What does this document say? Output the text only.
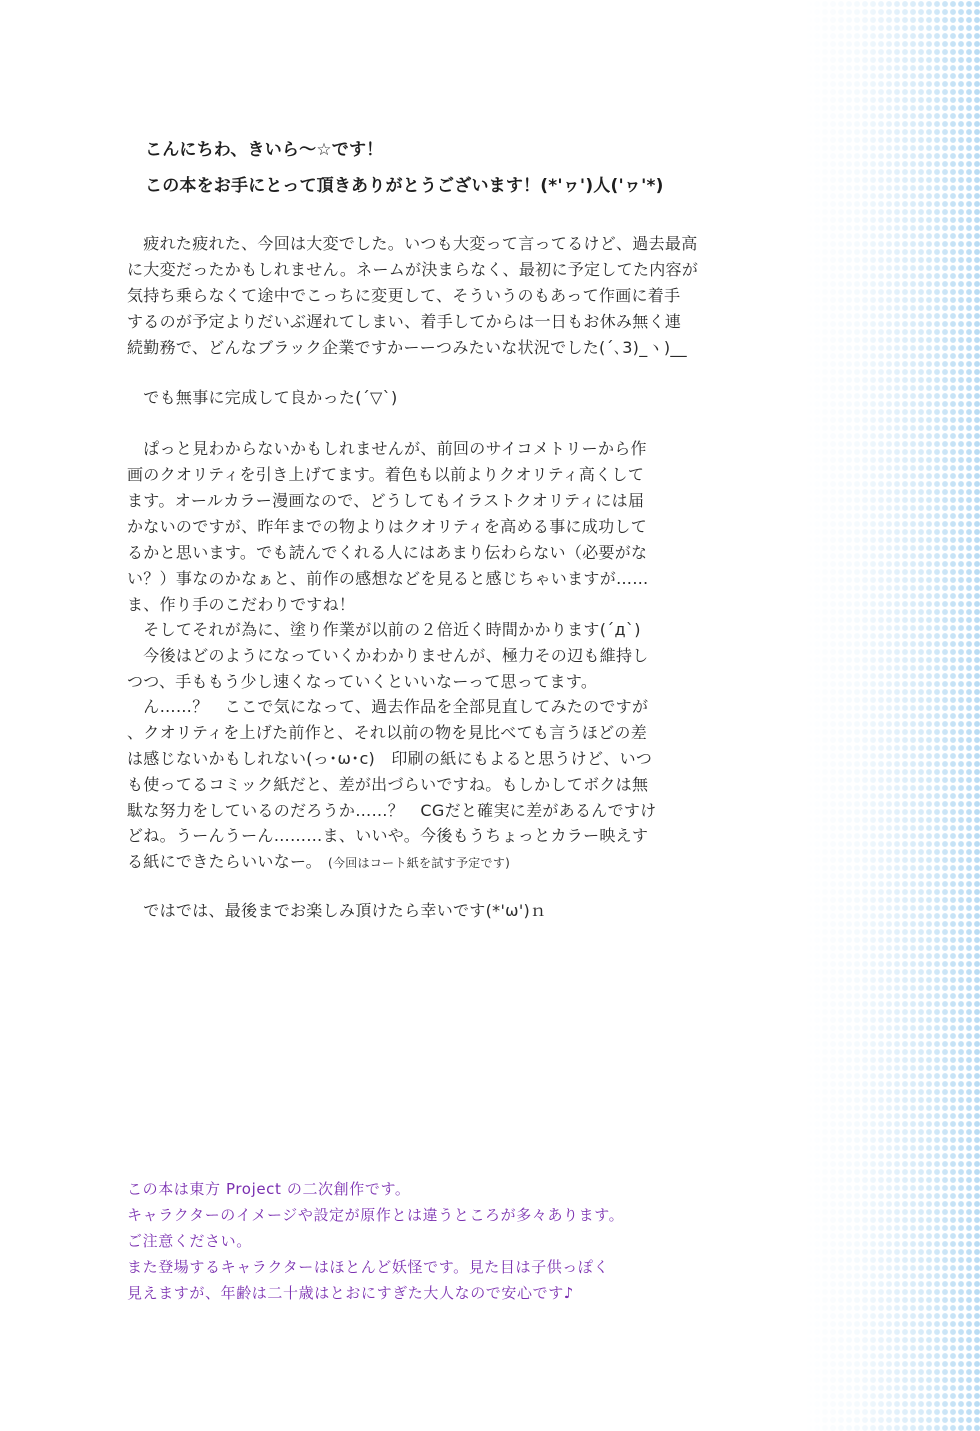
こんにちわ、きいら～☆です！
この本をお手にとって頂きありがとうございます！(*'ヮ')人('ヮ'*)
　疲れた疲れた、今回は大変でした。いつも大変って言ってるけど、過去最高
に大変だったかもしれません。ネームが決まらなく、最初に予定してた内容が
気持ち乗らなくて途中でこっちに変更して、そういうのもあって作画に着手
するのが予定よりだいぶ遅れてしまい、着手してからは一日もお休み無く連
続勤務で、どんなブラック企業ですかーーつみたいな状況でした(´､3)_ヽ)__
　でも無事に完成して良かった(´▽`)
　ぱっと見わからないかもしれませんが、前回のサイコメトリーから作
画のクオリティを引き上げてます。着色も以前よりクオリティ高くして
ます。オールカラー漫画なので、どうしてもイラストクオリティには届
かないのですが、昨年までの物よりはクオリティを高める事に成功して
るかと思います。でも読んでくれる人にはあまり伝わらない（必要がな
い？）事なのかなぁと、前作の感想などを見ると感じちゃいますが……
ま、作り手のこだわりですね！
　そしてそれが為に、塗り作業が以前の２倍近く時間かかります(´д`)
　今後はどのようになっていくかわかりませんが、極力その辺も維持し
つつ、手ももう少し速くなっていくといいなーって思ってます。
　ん……？　ここで気になって、過去作品を全部見直してみたのですが
、クオリティを上げた前作と、それ以前の物を見比べても言うほどの差
は感じないかもしれない(っ･ω･c)　印刷の紙にもよると思うけど、いつ
も使ってるコミック紙だと、差が出づらいですね。もしかしてボクは無
駄な努力をしているのだろうか……？　CGだと確実に差があるんですけ
どね。うーんうーん………ま、いいや。今後もうちょっとカラー映えす
る紙にできたらいいなー。 (今回はコート紙を試す予定です)
　ではでは、最後までお楽しみ頂けたら幸いです(*'ω')ｎ
この本は東方 Project の二次創作です。
キャラクターのイメージや設定が原作とは違うところが多々あります。
ご注意ください。
また登場するキャラクターはほとんど妖怪です。見た目は子供っぽく
見えますが、年齢は二十歳はとおにすぎた大人なので安心です♪
